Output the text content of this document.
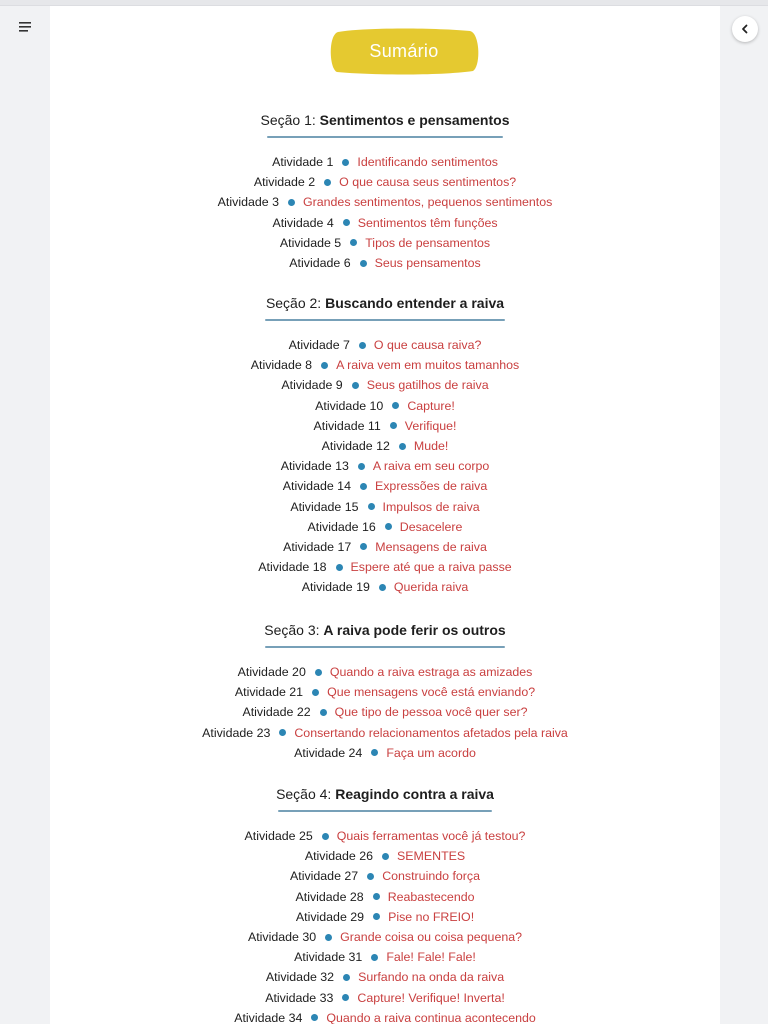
Sumário
Seção 1: Sentimentos e pensamentos
Atividade 1 Identificando sentimentos
Atividade 2 O que causa seus sentimentos?
Atividade 3 Grandes sentimentos, pequenos sentimentos
Atividade 4 Sentimentos têm funções
Atividade 5 Tipos de pensamentos
Atividade 6 Seus pensamentos
Seção 2: Buscando entender a raiva
Atividade 7 O que causa raiva?
Atividade 8 A raiva vem em muitos tamanhos
Atividade 9 Seus gatilhos de raiva
Atividade 10 Capture!
Atividade 11 Verifique!
Atividade 12 Mude!
Atividade 13 A raiva em seu corpo
Atividade 14 Expressões de raiva
Atividade 15 Impulsos de raiva
Atividade 16 Desacelere
Atividade 17 Mensagens de raiva
Atividade 18 Espere até que a raiva passe
Atividade 19 Querida raiva
Seção 3: A raiva pode ferir os outros
Atividade 20 Quando a raiva estraga as amizades
Atividade 21 Que mensagens você está enviando?
Atividade 22 Que tipo de pessoa você quer ser?
Atividade 23 Consertando relacionamentos afetados pela raiva
Atividade 24 Faça um acordo
Seção 4: Reagindo contra a raiva
Atividade 25 Quais ferramentas você já testou?
Atividade 26 SEMENTES
Atividade 27 Construindo força
Atividade 28 Reabastecendo
Atividade 29 Pise no FREIO!
Atividade 30 Grande coisa ou coisa pequena?
Atividade 31 Fale! Fale! Fale!
Atividade 32 Surfando na onda da raiva
Atividade 33 Capture! Verifique! Inverta!
Atividade 34 Quando a raiva continua acontecendo
